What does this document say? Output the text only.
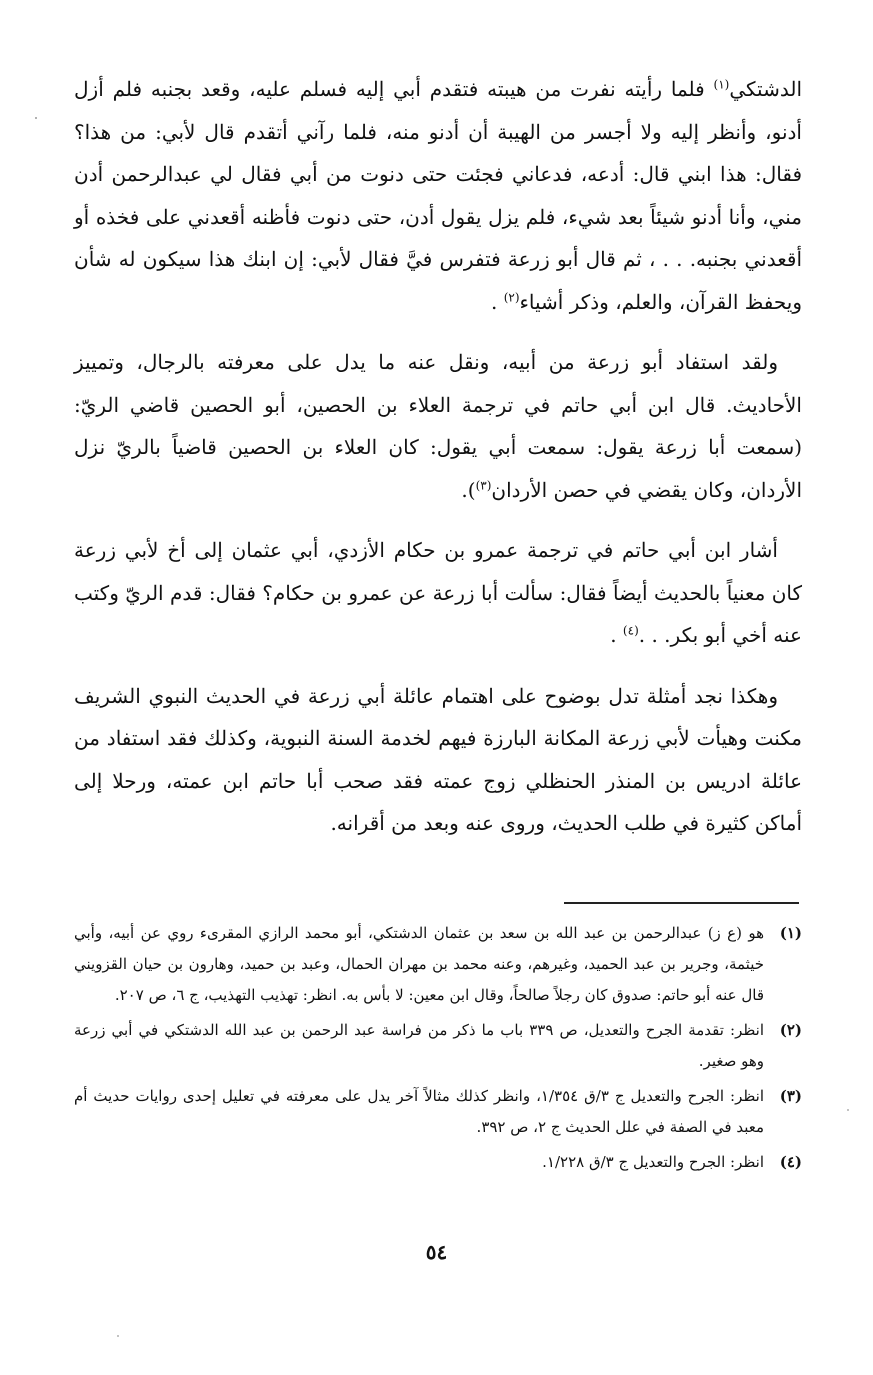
الدشتكي$^{(١)}$ فلما رأيته نفرت من هيبته فتقدم أبي إليه فسلم عليه، وقعد بجنبه فلم أزل أدنو، وأنظر إليه ولا أجسر من الهيبة أن أدنو منه، فلما رآني أتقدم قال لأبي: من هذا؟ فقال: هذا ابني قال: أدعه، فدعاني فجئت حتى دنوت من أبي فقال لي عبدالرحمن أدن مني، وأنا أدنو شيئاً بعد شيء، فلم يزل يقول أدن، حتى دنوت فأظنه أقعدني على فخذه أو أقعدني بجنبه. . . ، ثم قال أبو زرعة فتفرس فيَّ فقال لأبي: إن ابنك هذا سيكون له شأن ويحفظ القرآن، والعلم، وذكر أشياء$^{(٢)}$ .

ولقد استفاد أبو زرعة من أبيه، ونقل عنه ما يدل على معرفته بالرجال، وتمييز الأحاديث. قال ابن أبي حاتم في ترجمة العلاء بن الحصين، أبو الحصين قاضي الريّ: (سمعت أبا زرعة يقول: سمعت أبي يقول: كان العلاء بن الحصين قاضياً بالريّ نزل الأردان، وكان يقضي في حصن الأردان$^{(٣)}$).

أشار ابن أبي حاتم في ترجمة عمرو بن حكام الأزدي، أبي عثمان إلى أخ لأبي زرعة كان معنياً بالحديث أيضاً فقال: سألت أبا زرعة عن عمرو بن حكام؟ فقال: قدم الريّ وكتب عنه أخي أبو بكر. . .$^{(٤)}$ .

وهكذا نجد أمثلة تدل بوضوح على اهتمام عائلة أبي زرعة في الحديث النبوي الشريف مكنت وهيأت لأبي زرعة المكانة البارزة فيهم لخدمة السنة النبوية، وكذلك فقد استفاد من عائلة ادريس بن المنذر الحنظلي زوج عمته فقد صحب أبا حاتم ابن عمته، ورحلا إلى أماكن كثيرة في طلب الحديث، وروى عنه وبعد من أقرانه.

(١)
هو (ع ز) عبدالرحمن بن عبد الله بن سعد بن عثمان الدشتكي، أبو محمد الرازي المقرىء روي عن أبيه، وأبي خيثمة، وجرير بن عبد الحميد، وغيرهم، وعنه محمد بن مهران الحمال، وعبد بن حميد، وهارون بن حيان القزويني قال عنه أبو حاتم: صدوق كان رجلاً صالحاً، وقال ابن معين: لا بأس به. انظر: تهذيب التهذيب، ج ٦، ص ٢٠٧.
(٢)
انظر: تقدمة الجرح والتعديل، ص ٣٣٩ باب ما ذكر من فراسة عبد الرحمن بن عبد الله الدشتكي في أبي زرعة وهو صغير.
(٣)
انظر: الجرح والتعديل ج ٣/ق ١/٣٥٤، وانظر كذلك مثالاً آخر يدل على معرفته في تعليل إحدى روايات حديث أم معبد في الصفة في علل الحديث ج ٢، ص ٣٩٢.
(٤)
انظر: الجرح والتعديل ج ٣/ق ١/٢٢٨.
٥٤
